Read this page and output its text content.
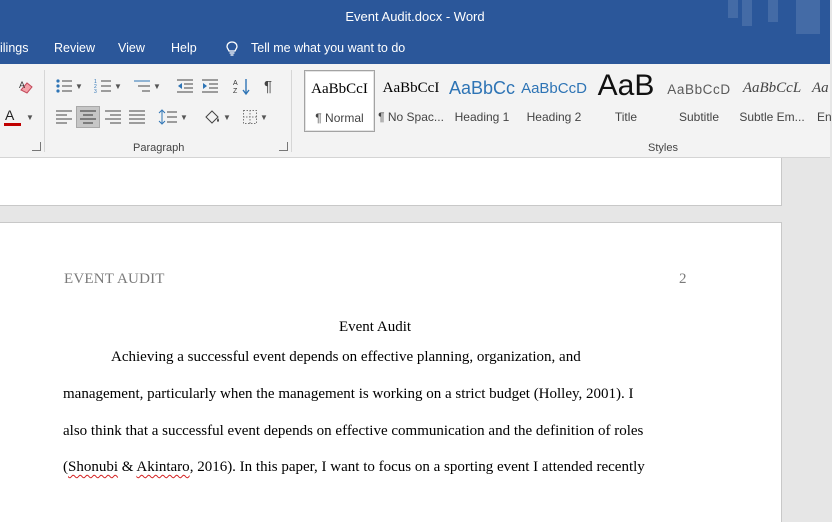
Event Audit.docx - Word
ilings Review View Help	Tell me what you want to do
A
A ▼
▼ 1
2
3
▼	▼	A
Z ¶
▼	▼	▼
Paragraph
AaBbCcI
¶ Normal
AaBbCcI
¶ No Spac...
AaBbCc
Heading 1
AaBbCcD
Heading 2
AaB
Title
AaBbCcD
Subtitle
AaBbCcL
Subtle Em...
Aa
En
Styles
EVENT AUDIT	2
Event Audit
Achieving a successful event depends on effective planning, organization, and
management, particularly when the management is working on a strict budget (Holley, 2001). I
also think that a successful event depends on effective communication and the definition of roles
(Shonubi & Akintaro, 2016). In this paper, I want to focus on a sporting event I attended recently
